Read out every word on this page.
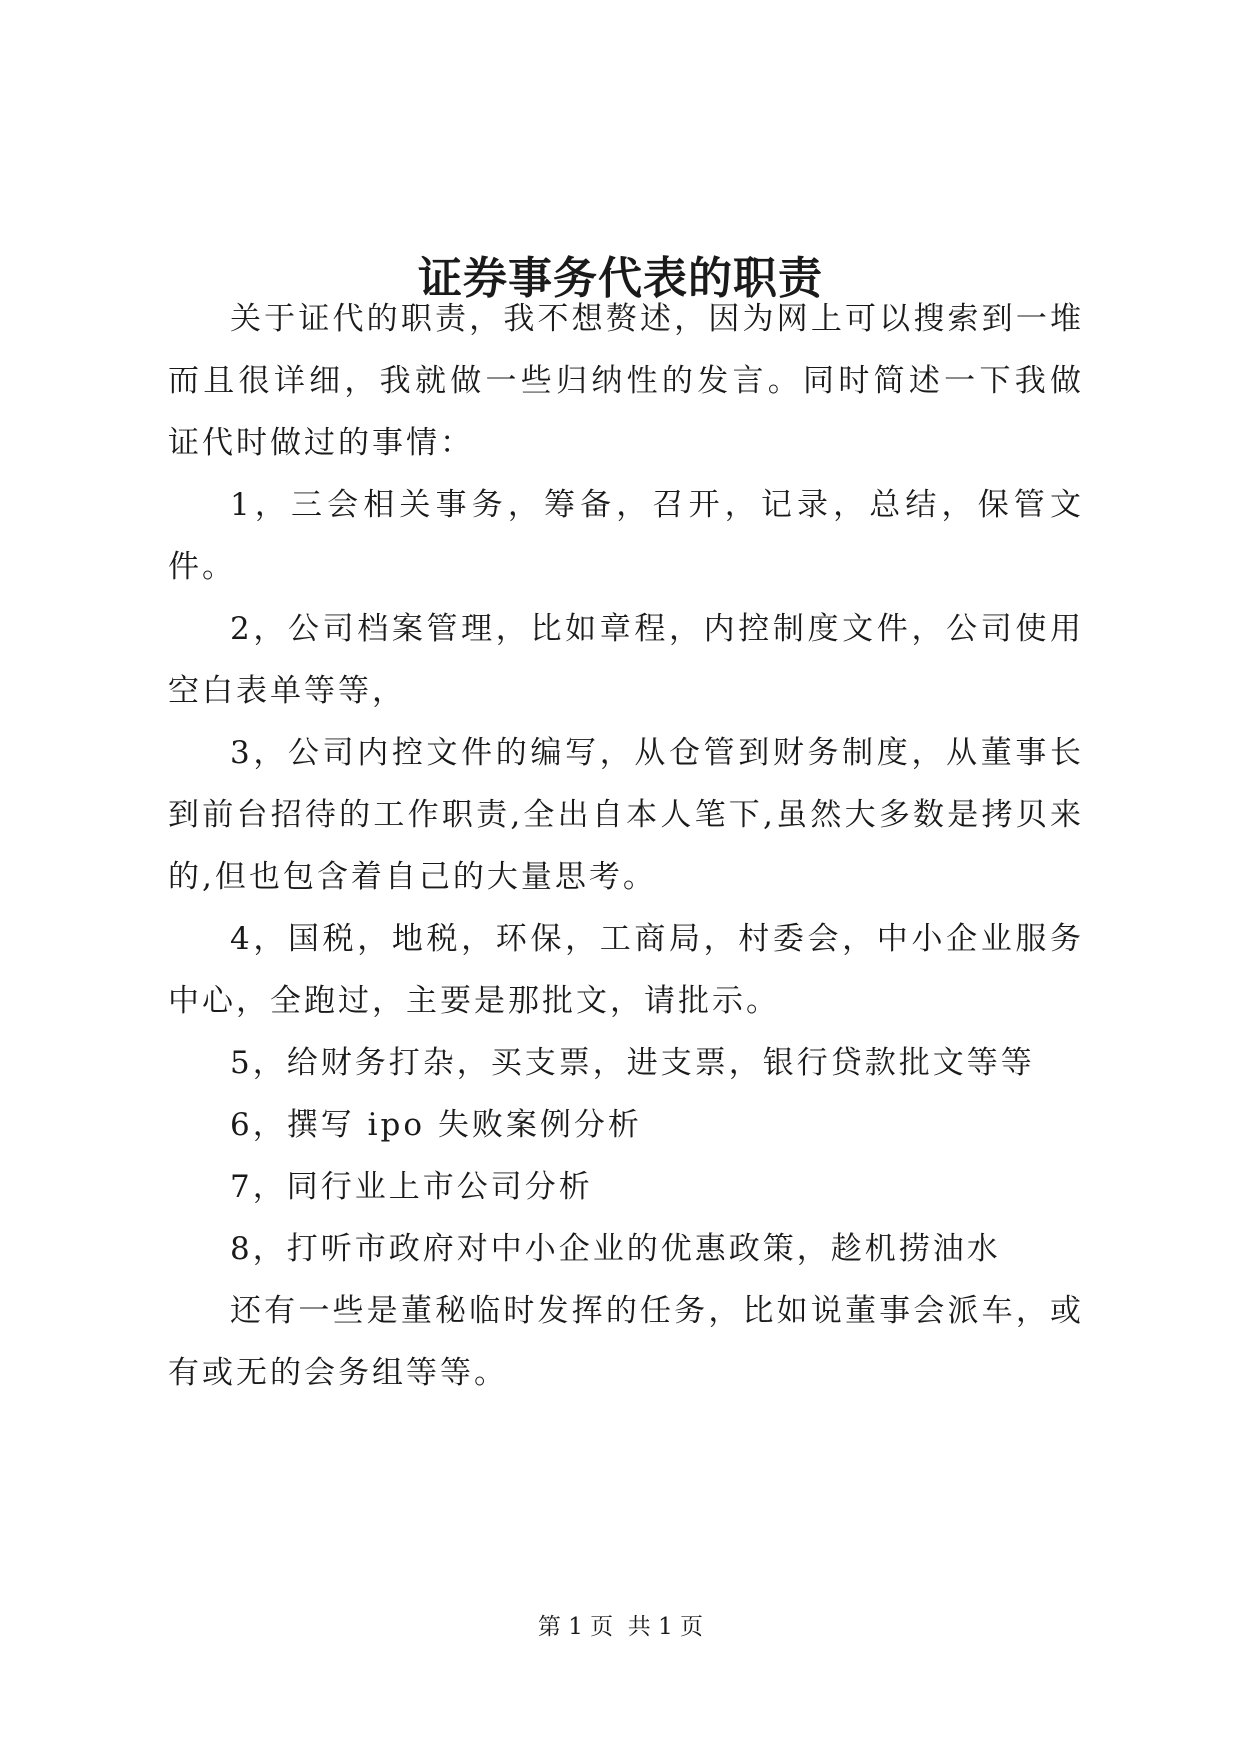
证券事务代表的职责

关于证代的职责，我不想赘述，因为网上可以搜索到一堆而且很详细，我就做一些归纳性的发言。同时简述一下我做证代时做过的事情：

1，三会相关事务，筹备，召开，记录，总结，保管文件。

2，公司档案管理，比如章程，内控制度文件，公司使用空白表单等等，

3，公司内控文件的编写，从仓管到财务制度，从董事长到前台招待的工作职责,全出自本人笔下,虽然大多数是拷贝来的,但也包含着自己的大量思考。

4，国税，地税，环保，工商局，村委会，中小企业服务中心，全跑过，主要是那批文，请批示。

5，给财务打杂，买支票，进支票，银行贷款批文等等

6，撰写 ipo 失败案例分析

7，同行业上市公司分析

8，打听市政府对中小企业的优惠政策，趁机捞油水

还有一些是董秘临时发挥的任务，比如说董事会派车，或有或无的会务组等等。

第 1 页  共 1 页
